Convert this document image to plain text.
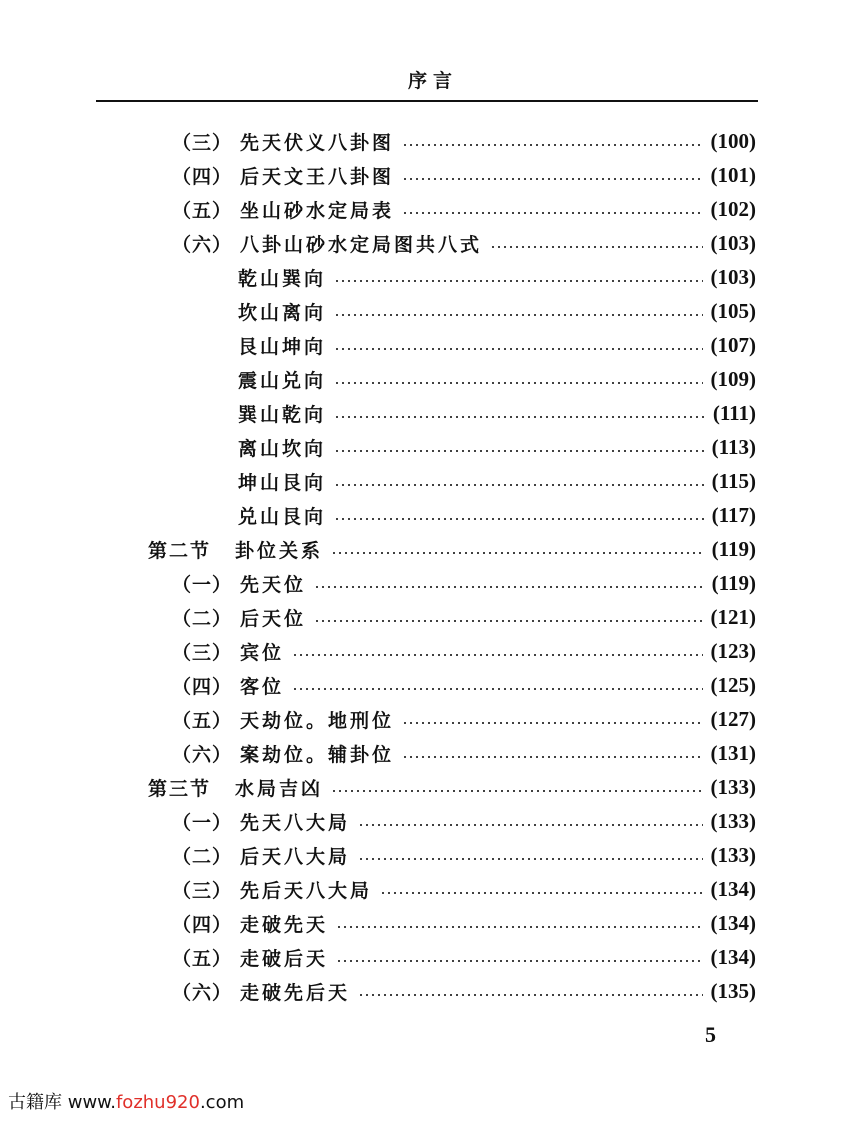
序言
（三） 先天伏义八卦图	(100)
（四） 后天文王八卦图	(101)
（五） 坐山砂水定局表	(102)
（六） 八卦山砂水定局图共八式	(103)
乾山巽向	(103)
坎山离向	(105)
艮山坤向	(107)
震山兑向	(109)
巽山乾向	(111)
离山坎向	(113)
坤山艮向	(115)
兑山艮向	(117)
第二节 卦位关系	(119)
（一） 先天位	(119)
（二） 后天位	(121)
（三） 宾位	(123)
（四） 客位	(125)
（五） 天劫位。地刑位	(127)
（六） 案劫位。辅卦位	(131)
第三节 水局吉凶	(133)
（一） 先天八大局	(133)
（二） 后天八大局	(133)
（三） 先后天八大局	(134)
（四） 走破先天	(134)
（五） 走破后天	(134)
（六） 走破先后天	(135)
5
古籍库 www.fozhu920.com
